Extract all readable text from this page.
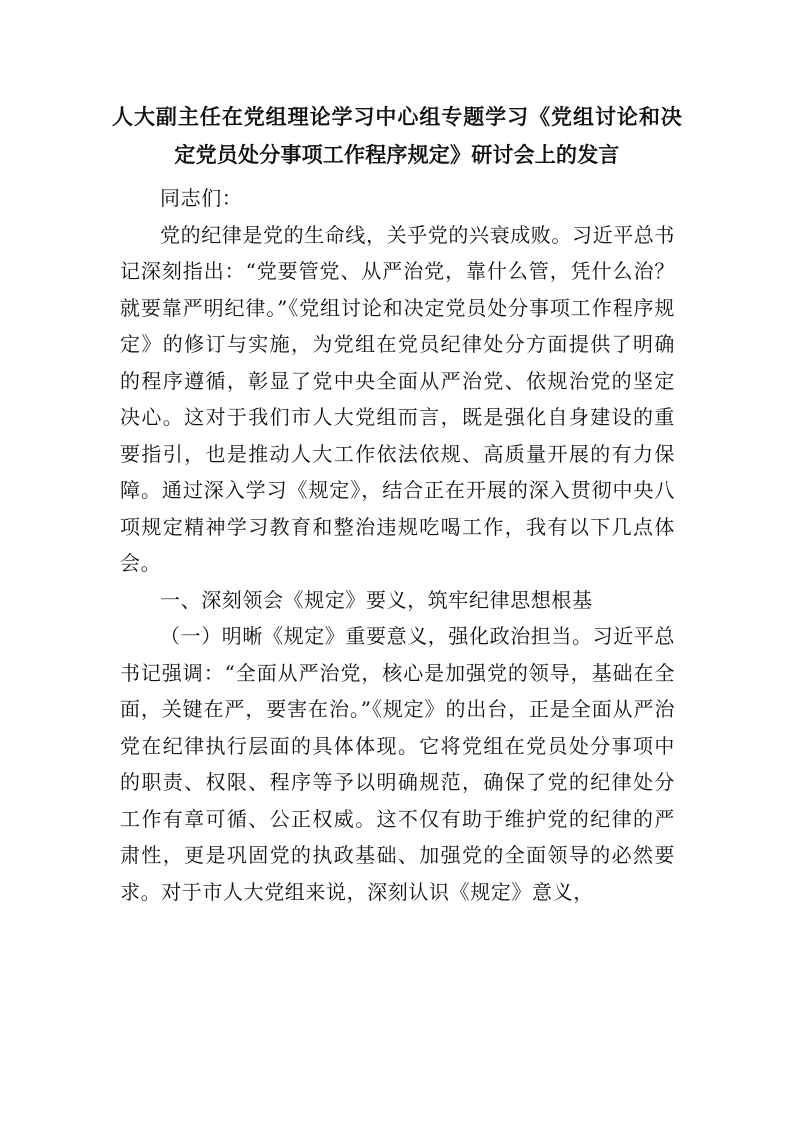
人大副主任在党组理论学习中心组专题学习《党组讨论和决定党员处分事项工作程序规定》研讨会上的发言

同志们：

党的纪律是党的生命线，关乎党的兴衰成败。习近平总书记深刻指出：“党要管党、从严治党，靠什么管，凭什么治？就要靠严明纪律。”《党组讨论和决定党员处分事项工作程序规定》的修订与实施，为党组在党员纪律处分方面提供了明确的程序遵循，彰显了党中央全面从严治党、依规治党的坚定决心。这对于我们市人大党组而言，既是强化自身建设的重要指引，也是推动人大工作依法依规、高质量开展的有力保障。通过深入学习《规定》，结合正在开展的深入贯彻中央八项规定精神学习教育和整治违规吃喝工作，我有以下几点体会。

一、深刻领会《规定》要义，筑牢纪律思想根基

（一）明晰《规定》重要意义，强化政治担当。习近平总书记强调：“全面从严治党，核心是加强党的领导，基础在全面，关键在严，要害在治。”《规定》的出台，正是全面从严治党在纪律执行层面的具体体现。它将党组在党员处分事项中的职责、权限、程序等予以明确规范，确保了党的纪律处分工作有章可循、公正权威。这不仅有助于维护党的纪律的严肃性，更是巩固党的执政基础、加强党的全面领导的必然要求。对于市人大党组来说，深刻认识《规定》意义，
